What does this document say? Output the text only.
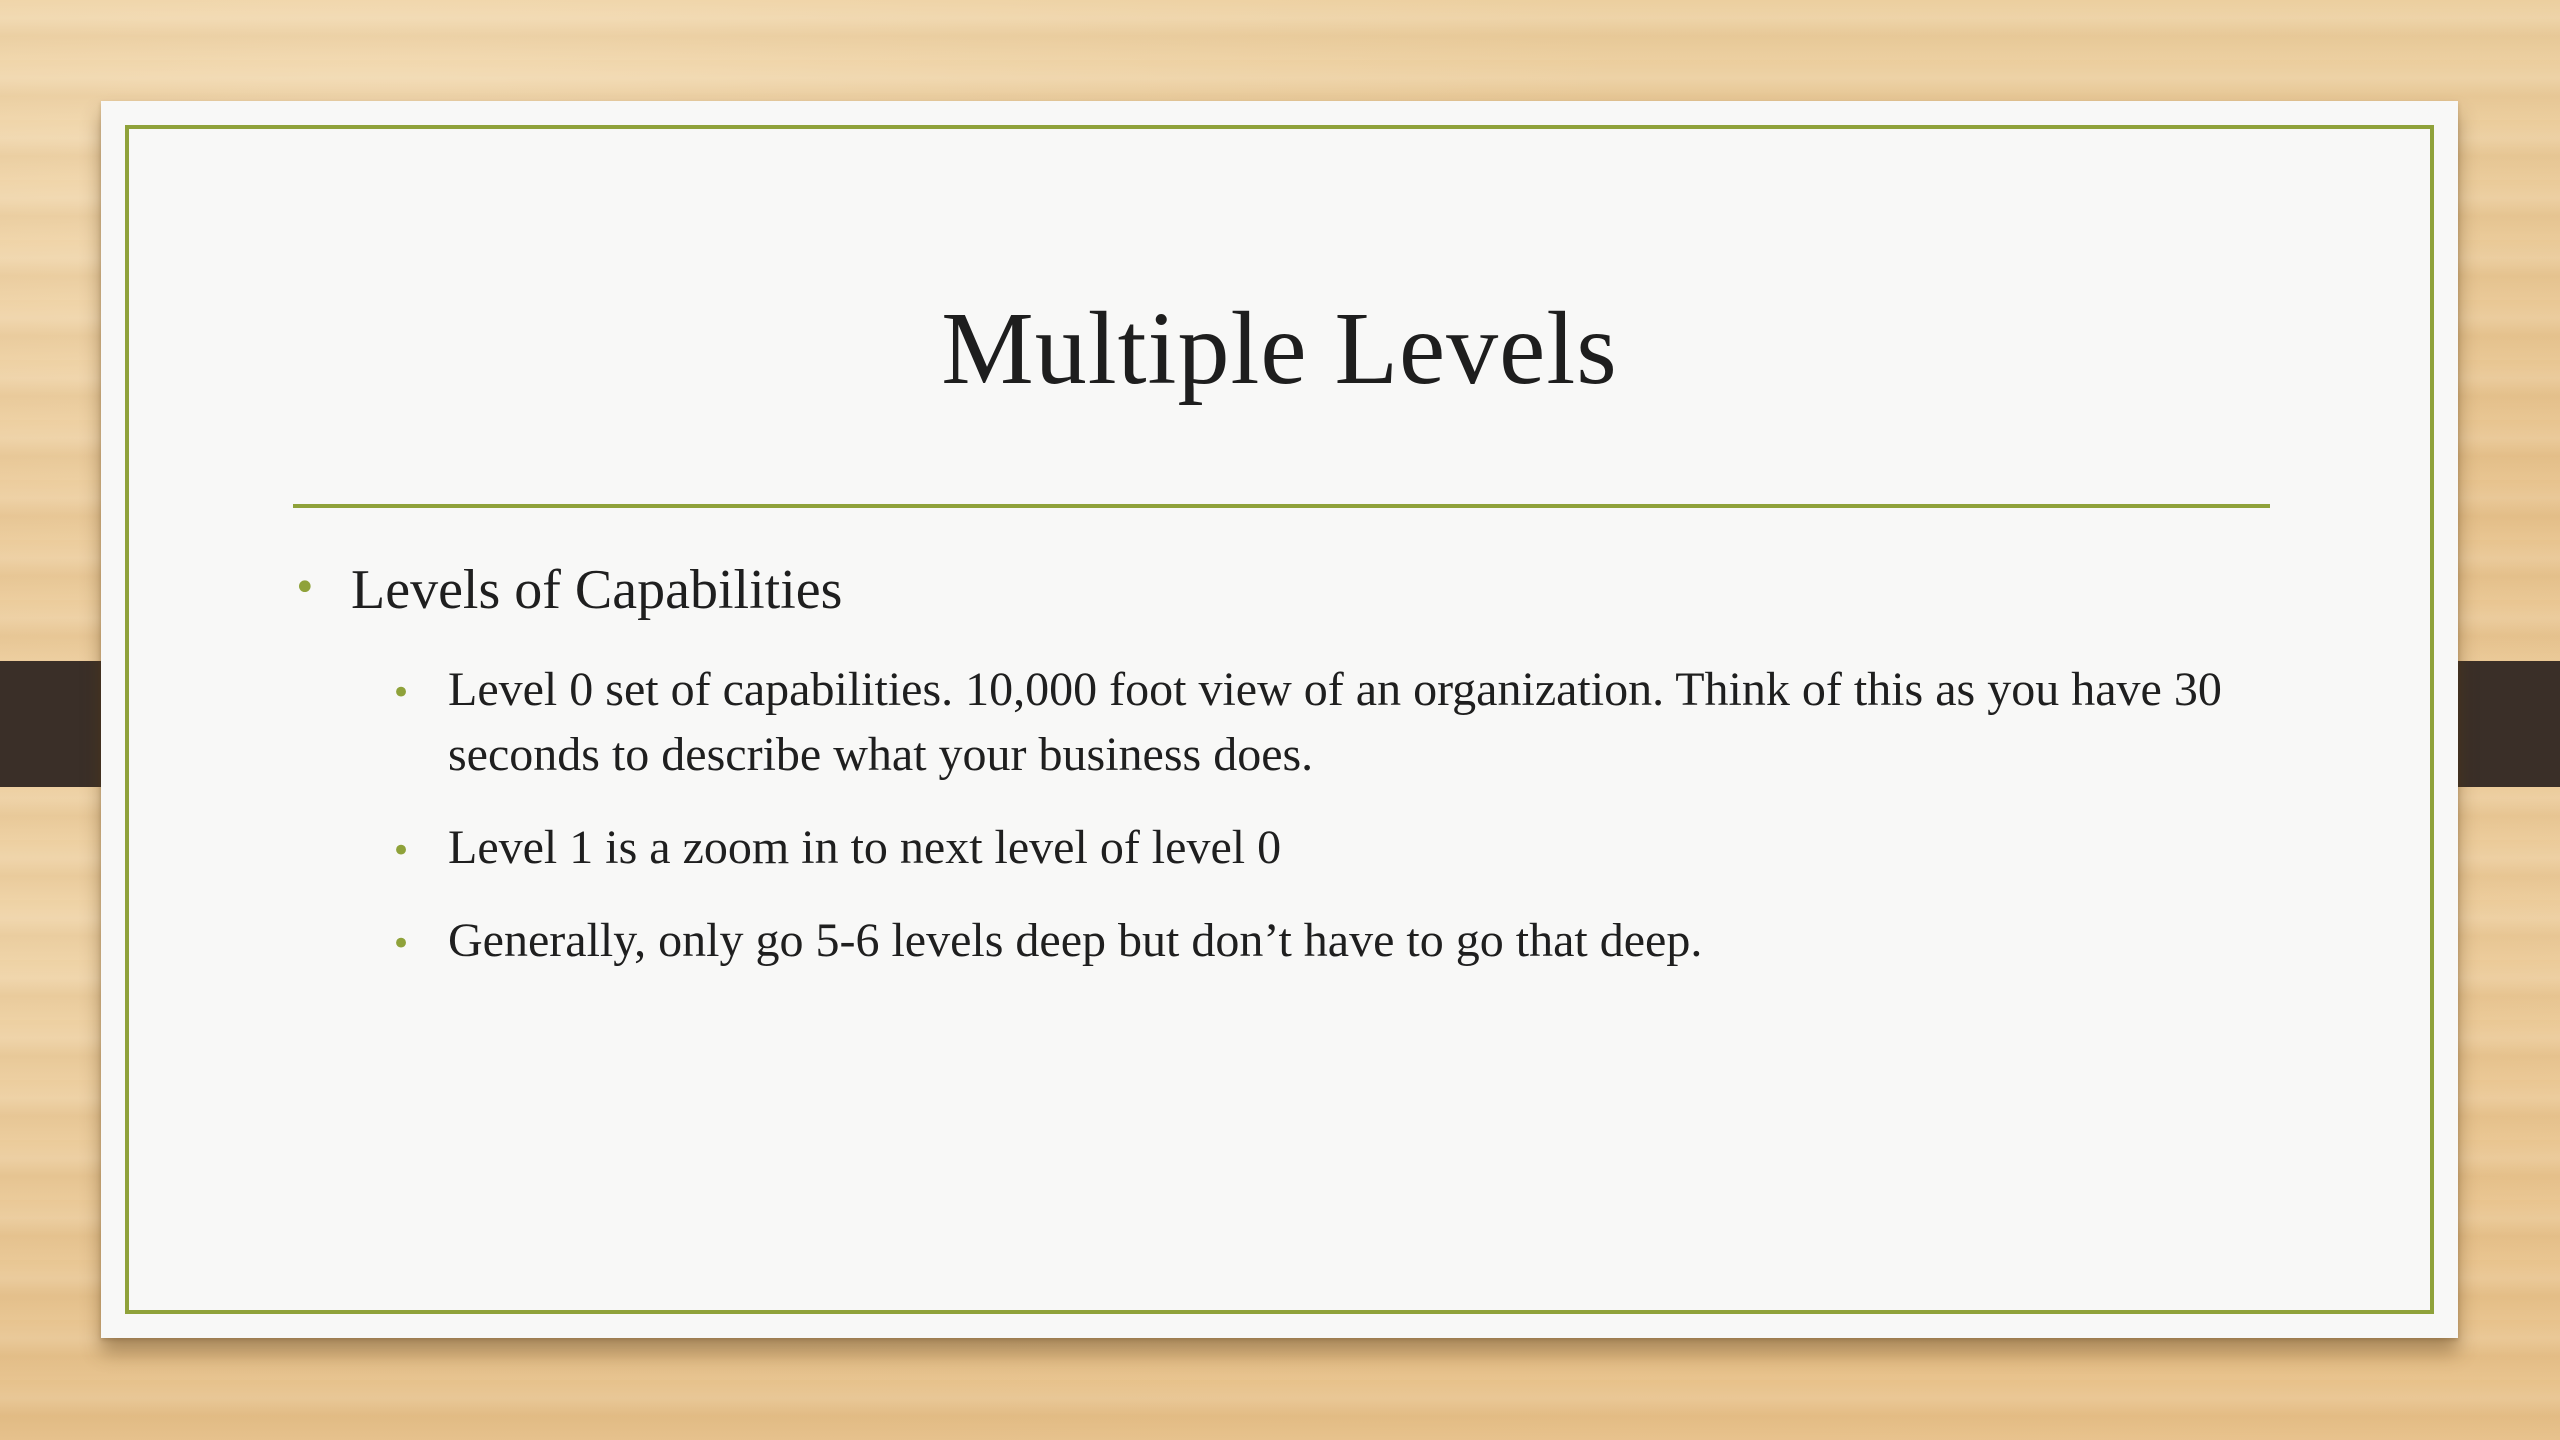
Multiple Levels
• Levels of Capabilities
• Level 0 set of capabilities. 10,000 foot view of an organization. Think of this as you have 30 seconds to describe what your business does.
• Level 1 is a zoom in to next level of level 0
• Generally, only go 5-6 levels deep but don’t have to go that deep.
